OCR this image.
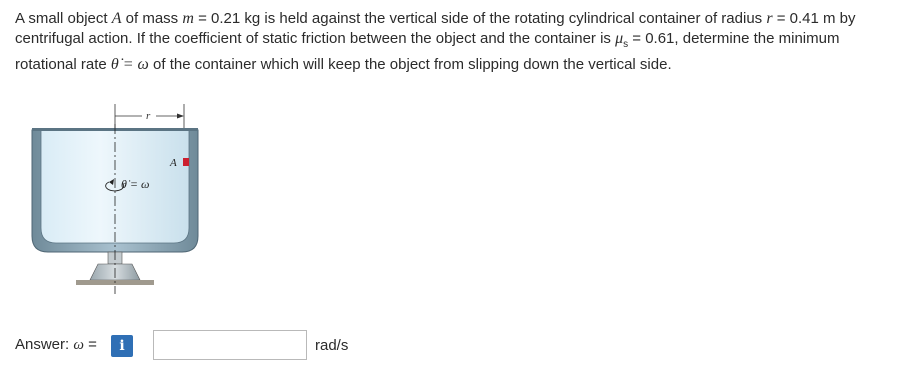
A small object A of mass m = 0.21 kg is held against the vertical side of the rotating cylindrical container of radius r = 0.41 m by
centrifugal action. If the coefficient of static friction between the object and the container is $\mu_s = 0.61$, determine the minimum
rotational rate θ̇ = ω of the container which will keep the object from slipping down the vertical side.
r
A
θ̇ = ω
Answer: ω =	i	rad/s
